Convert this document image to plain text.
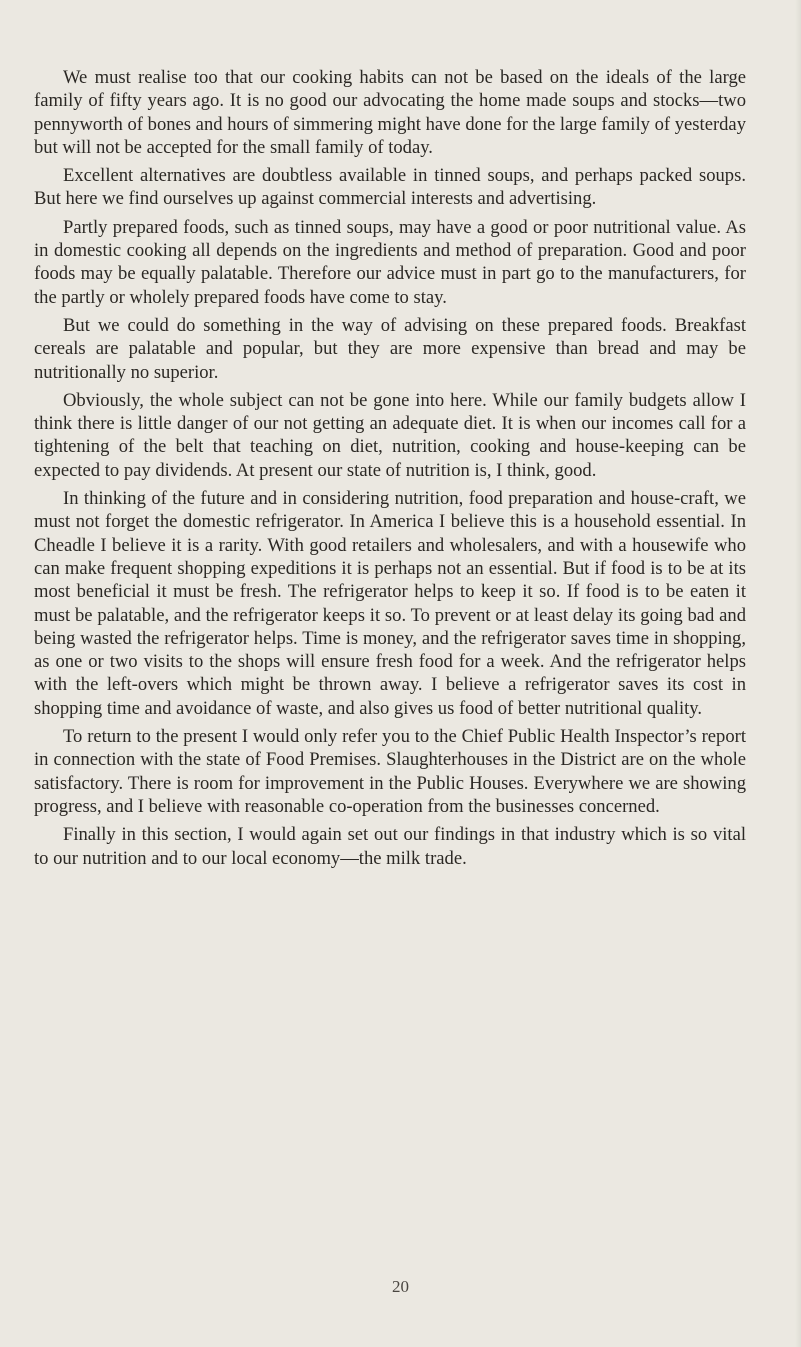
We must realise too that our cooking habits can not be based on the ideals of the large family of fifty years ago. It is no good our advocating the home made soups and stocks—two pennyworth of bones and hours of simmering might have done for the large family of yesterday but will not be accepted for the small family of today.

Excellent alternatives are doubtless available in tinned soups, and perhaps packed soups. But here we find ourselves up against commercial interests and advertising.

Partly prepared foods, such as tinned soups, may have a good or poor nutritional value. As in domestic cooking all depends on the ingredients and method of preparation. Good and poor foods may be equally palatable. Therefore our advice must in part go to the manufacturers, for the partly or wholely prepared foods have come to stay.

But we could do something in the way of advising on these prepared foods. Breakfast cereals are palatable and popular, but they are more expensive than bread and may be nutritionally no superior.

Obviously, the whole subject can not be gone into here. While our family budgets allow I think there is little danger of our not getting an adequate diet. It is when our incomes call for a tightening of the belt that teaching on diet, nutrition, cooking and house-keeping can be expected to pay dividends. At present our state of nutrition is, I think, good.

In thinking of the future and in considering nutrition, food preparation and house-craft, we must not forget the domestic refrigerator. In America I believe this is a household essential. In Cheadle I believe it is a rarity. With good retailers and wholesalers, and with a housewife who can make frequent shopping expeditions it is perhaps not an essential. But if food is to be at its most beneficial it must be fresh. The refrigerator helps to keep it so. If food is to be eaten it must be palatable, and the refrigerator keeps it so. To prevent or at least delay its going bad and being wasted the refrigerator helps. Time is money, and the refrigerator saves time in shopping, as one or two visits to the shops will ensure fresh food for a week. And the refrigerator helps with the left-overs which might be thrown away. I believe a refrigerator saves its cost in shopping time and avoidance of waste, and also gives us food of better nutritional quality.

To return to the present I would only refer you to the Chief Public Health Inspector’s report in connection with the state of Food Premises. Slaughterhouses in the District are on the whole satisfactory. There is room for improvement in the Public Houses. Everywhere we are showing progress, and I believe with reasonable co-operation from the businesses concerned.

Finally in this section, I would again set out our findings in that industry which is so vital to our nutrition and to our local economy—the milk trade.

20
